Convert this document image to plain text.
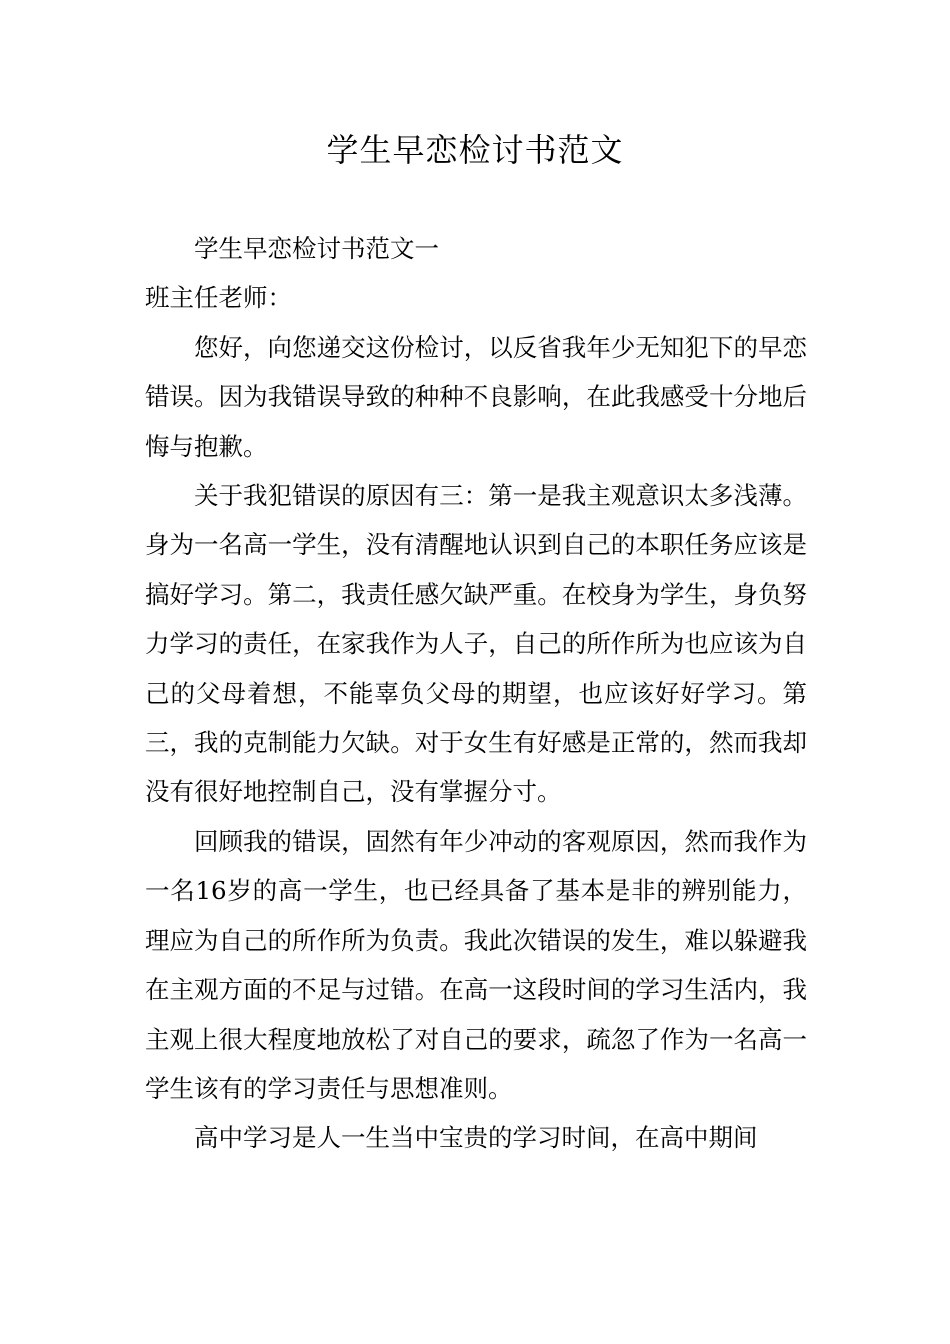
学生早恋检讨书范文

学生早恋检讨书范文一

班主任老师：

您好，向您递交这份检讨，以反省我年少无知犯下的早恋错误。因为我错误导致的种种不良影响，在此我感受十分地后悔与抱歉。

关于我犯错误的原因有三：第一是我主观意识太多浅薄。身为一名高一学生，没有清醒地认识到自己的本职任务应该是搞好学习。第二，我责任感欠缺严重。在校身为学生，身负努力学习的责任，在家我作为人子，自己的所作所为也应该为自己的父母着想，不能辜负父母的期望，也应该好好学习。第三，我的克制能力欠缺。对于女生有好感是正常的，然而我却没有很好地控制自己，没有掌握分寸。

回顾我的错误，固然有年少冲动的客观原因，然而我作为一名16岁的高一学生，也已经具备了基本是非的辨别能力，理应为自己的所作所为负责。我此次错误的发生，难以躲避我在主观方面的不足与过错。在高一这段时间的学习生活内，我主观上很大程度地放松了对自己的要求，疏忽了作为一名高一学生该有的学习责任与思想准则。

高中学习是人一生当中宝贵的学习时间，在高中期间
